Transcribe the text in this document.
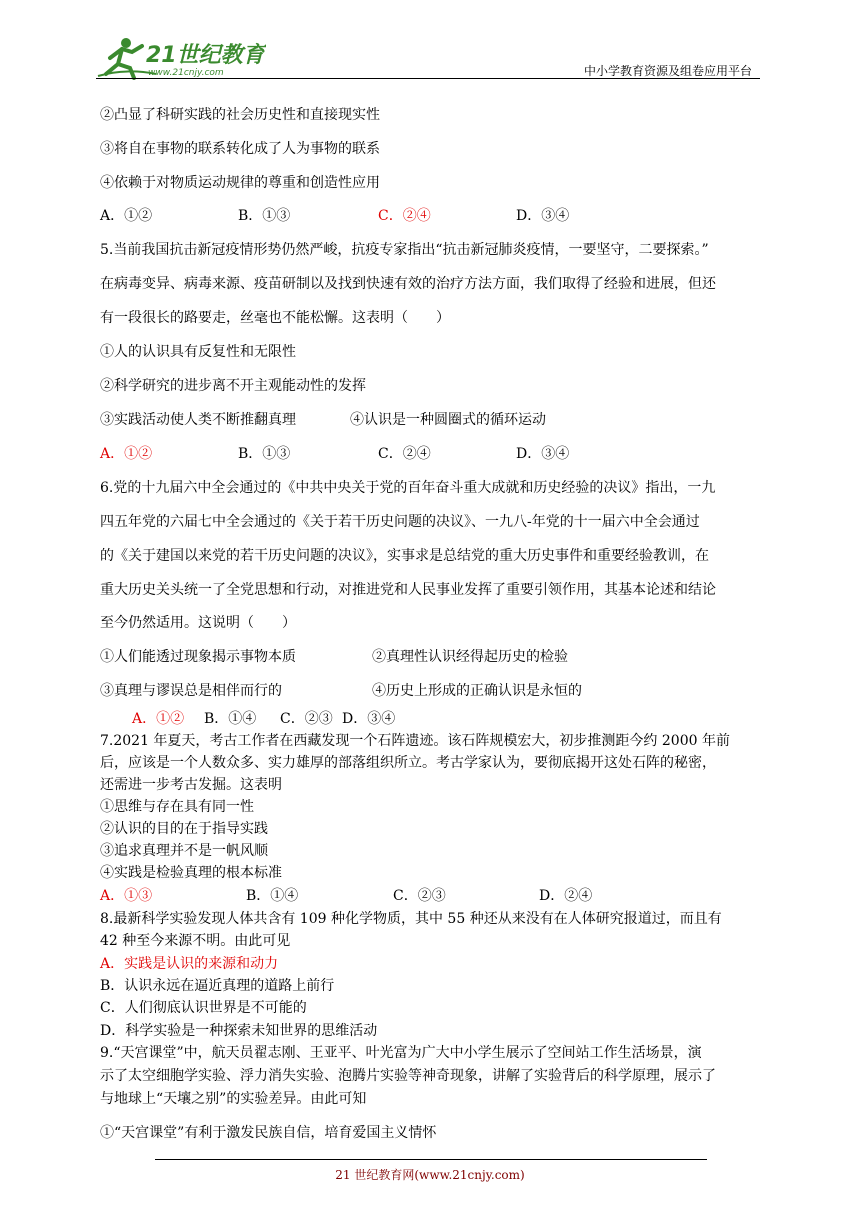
21世纪教育
www.21cnjy.com	中小学教育资源及组卷应用平台
②凸显了科研实践的社会历史性和直接现实性
③将自在事物的联系转化成了人为事物的联系
④依赖于对物质运动规律的尊重和创造性应用
A．①②	B．①③	C．②④	D．③④
5.当前我国抗击新冠疫情形势仍然严峻，抗疫专家指出“抗击新冠肺炎疫情，一要坚守，二要探索。”
在病毒变异、病毒来源、疫苗研制以及找到快速有效的治疗方法方面，我们取得了经验和进展，但还
有一段很长的路要走，丝毫也不能松懈。这表明（　　）
①人的认识具有反复性和无限性
②科学研究的进步离不开主观能动性的发挥
③实践活动使人类不断推翻真理	④认识是一种圆圈式的循环运动
A．①②	B．①③	C．②④	D．③④
6.党的十九届六中全会通过的《中共中央关于党的百年奋斗重大成就和历史经验的决议》指出，一九
四五年党的六届七中全会通过的《关于若干历史问题的决议》、一九八-年党的十一届六中全会通过
的《关于建国以来党的若干历史问题的决议》，实事求是总结党的重大历史事件和重要经验教训，在
重大历史关头统一了全党思想和行动，对推进党和人民事业发挥了重要引领作用，其基本论述和结论
至今仍然适用。这说明（　　）
①人们能透过现象揭示事物本质	②真理性认识经得起历史的检验
③真理与谬误总是相伴而行的	④历史上形成的正确认识是永恒的
A．①② B．①④ C．②③ D．③④
7.2021 年夏天，考古工作者在西藏发现一个石阵遗迹。该石阵规模宏大，初步推测距今约 2000 年前
后，应该是一个人数众多、实力雄厚的部落组织所立。考古学家认为，要彻底揭开这处石阵的秘密，
还需进一步考古发掘。这表明
①思维与存在具有同一性
②认识的目的在于指导实践
③追求真理并不是一帆风顺
④实践是检验真理的根本标准
A．①③	B．①④	C．②③	D．②④
8.最新科学实验发现人体共含有 109 种化学物质，其中 55 种还从来没有在人体研究报道过，而且有
42 种至今来源不明。由此可见
A．实践是认识的来源和动力
B．认识永远在逼近真理的道路上前行
C．人们彻底认识世界是不可能的
D．科学实验是一种探索未知世界的思维活动
9.“天宫课堂”中，航天员翟志刚、王亚平、叶光富为广大中小学生展示了空间站工作生活场景，演
示了太空细胞学实验、浮力消失实验、泡腾片实验等神奇现象，讲解了实验背后的科学原理，展示了
与地球上“天壤之别”的实验差异。由此可知
①“天宫课堂”有利于激发民族自信，培育爱国主义情怀
21 世纪教育网(www.21cnjy.com)
